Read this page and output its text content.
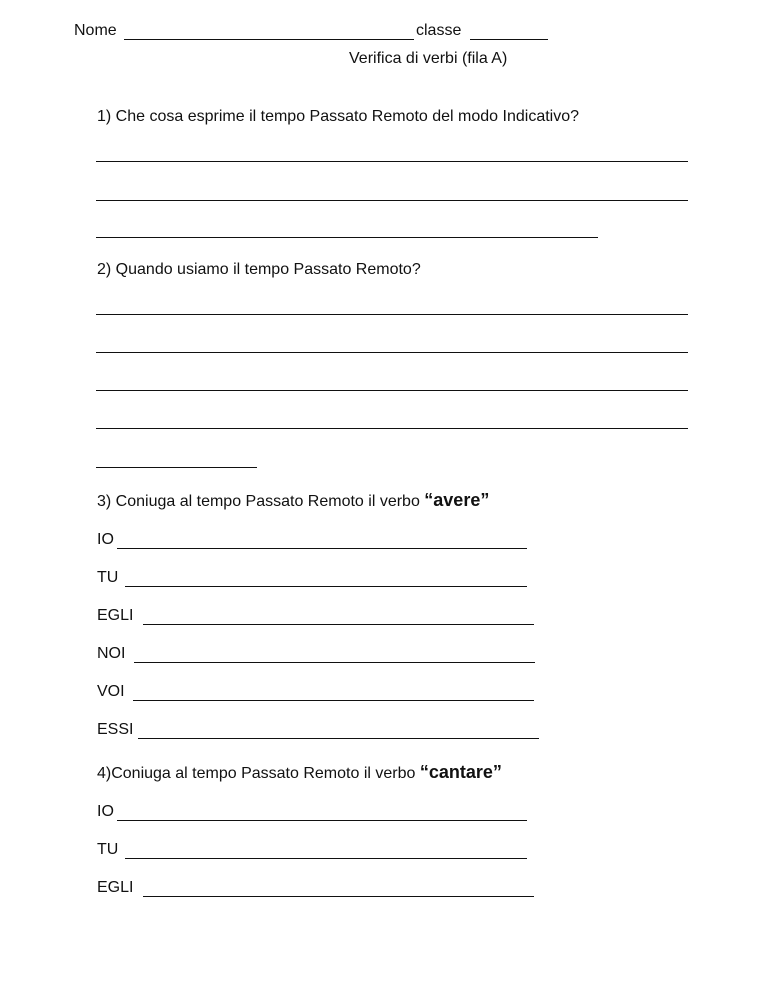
Nome	classe
Verifica di verbi (fila A)
1) Che cosa esprime il tempo Passato Remoto del modo Indicativo?
2) Quando usiamo il tempo Passato Remoto?
3) Coniuga al tempo Passato Remoto il verbo “avere”
IO
TU
EGLI
NOI
VOI
ESSI
4)Coniuga al tempo Passato Remoto il verbo “cantare”
IO
TU
EGLI
